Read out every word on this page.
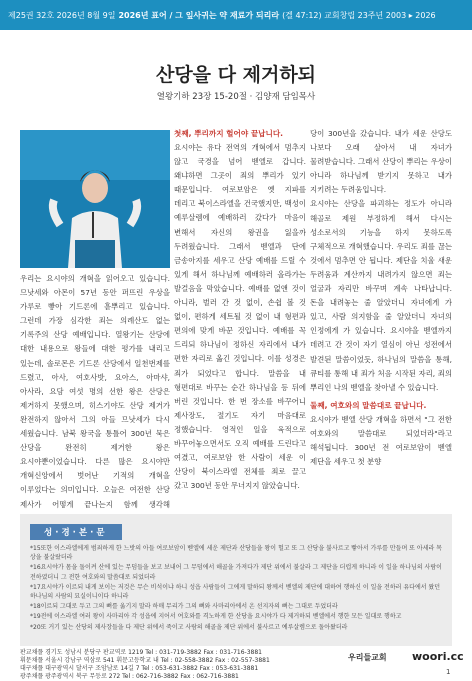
제25권 32호 2026년 8월 9일 2026년 표어 / 그 잎사귀는 약 재료가 되리라 (겔 47:12) 교회창립 23주년 2003 ▸ 2026
산당을 다 제거하되
열왕기하 23장 15-20절 · 김양재 담임목사

우리는 요시야의 개혁을 읽어오고 있습니다. 므낫세와 아몬이 57년 동안 퍼뜨린 우상을 가루로 빻아 기드론에 흩뿌리고 있습니다. 그런데 가장 심각한 죄는 의례산도 없는 기록주의 산당 예배입니다. 열왕기는 산당에 대한 내용으로 왕들에 대한 평가를 내리고 있는데, 솔로몬은 기드론 산당에서 일천번제를 드렸고, 아사, 여호사밧, 요아스, 아마샤, 아사라, 요담 여섯 명의 선한 왕은 산당은 제거하지 못했으며, 히스기야도 산당 제거가 완전하지 않아서 그의 아들 므낫세가 다시 세웠습니다. 남북 왕국을 통틀어 300년 묵은 산당을 완전히 제거한 왕은 요시야뿐이었습니다. 다른 많은 요시야만 개혁신앙에서 벗어난 기적의 개혁을 이루었다는 의미입니다. 오늘은 여전한 산당 제사가 어떻게 끝나는지 함께 생각해

첫째, 뿌리까지 헐어야 끝납니다.

요시야는 유다 전역의 개혁에서 멈추지 않고 국경을 넘어 벧엘로 갑니다. 왜냐하면 그곳이 죄의 뿌리가 있기 때문입니다. 여로보암은 옛 지파를 데리고 북이스라엘을 건국했지만, 백성이 예루살렘에 예배하러 갔다가 마음이 변해서 자신의 왕권을 잃을까 두려웠습니다. 그래서 벧엘과 단에 금송아지를 세우고 산당 예배를 드릴 수 있게 해서 하나님께 예배하러 올라가는 발걸음을 막았습니다. 예배를 없앤 것이 아니라, 벌러 간 것 없이, 손쉽 볼 것 없이, 편하게 세트될 것 없이 내 형편과 편의에 맞게 바꾼 것입니다. 예배를 꼭 드리되 하나님이 정하신 자리에서 내가 편한 자리로 옮긴 것입니다. 이를 성경은 죄가 되었다고 합니다. 말씀을 내 형편대로 바꾸는 순간 하나님을 등 뒤에 버린 것입니다. 한 번 장소를 바꾸어니 제사장도, 절기도 자기 마음대로 정했습니다. 영적인 일을 육적으로 바꾸어놓으면서도 오직 예배를 드린다고 여겼고, 여로보암 한 사람이 세운 이 산당이 북이스라엘 전체를 죄로 끌고 갔고 300년 동안 무너지지 않았습니다.

당이 300년을 갔습니다. 내가 세운 산당도 나보다 오래 살아서 내 자녀가 물려받습니다. 그래서 산당이 뿌리는 우상이 아니라 하나님께 받기지 못하고 내가 지키려는 두려움입니다.

요시야는 산당을 파괴하는 정도가 아니라 해골로 제원 부정하게 해서 다시는 성소로서의 기능을 하지 못하도록 구체적으로 개혁했습니다. 우리도 죄를 끊는 것에서 멈추면 안 됩니다. 제단을 치울 새운 두려움과 계산까지 내려가지 않으면 죄는 얼굴과 자리만 바꾸며 계속 나타납니다. 돈을 내려놓는 줄 알았더니 자녀에게 가 있고, 사람 의지함을 줄 알았더니 자녀의 인정에게 가 있습니다. 요시야을 벧엘까지 데려고 간 것이 자기 열심이 아닌 성전에서 발견된 말씀이었듯, 하나님의 말씀을 통해, 큐티를 통해 내 죄가 처음 시작된 자리, 죄의 뿌리인 나의 벧엘을 찾아낼 수 있습니다.

둘째, 여호와의 말씀대로 끝납니다.

요시야가 벧엘 산당 개혁을 하면서 "그 전한 여호와의 말씀대로 되었더라"라고 해석됩니다. 300년 전 여로보암이 벧엘 제단을 세우고 첫 분향

성·경·본·문
*15또한 이스라엘에게 범죄하게 한 느밧의 아들 여로보암이 벧엘에 세운 제단과 산당들을 왕이 헐고 또 그 산당을 불사르고 빻아서 가루를 만들며 또 아세라 목상을 불살랐더라
*16요시야가 몸을 돌이켜 산에 있는 무덤들을 보고 보내어 그 무덤에서 해골을 가져다가 제단 위에서 불살라 그 제단을 더럽게 하니라 이 일을 하나님의 사람이 전하였더니 그 전한 여호와의 말씀대로 되었더라
*17요시야가 이르되 내게 보이는 저것은 무슨 비석이냐 하니 성읍 사람들이 그에게 말하되 왕께서 벧엘의 제단에 대하여 행하신 이 일을 전하러 유다에서 왔던 하나님의 사람의 묘실이니이다 하니라
*18이르되 그대로 두고 그의 뼈를 옮기지 말라 하매 무리가 그의 뼈와 사마리아에서 온 선지자의 뼈는 그대로 두었더라
*19전에 이스라엘 여러 왕이 사마리아 각 성읍에 지어서 여호와를 격노하게 한 산당을 요시야가 다 제거하되 벧엘에서 행한 모든 일대로 행하고
*20또 거기 있는 산당의 제사장들을 다 제단 위에서 죽이고 사람의 해골을 제단 위에서 불사르고 예루살렘으로 돌아왔더라
판교채플 경기도 성남시 분당구 판교역로 1219 Tel : 031-719-3882 Fax : 031-716-3881
휘문채플 서울시 강남구 역삼로 541 휘문고등학교 내 Tel : 02-558-3882 Fax : 02-557-3881
대구채플 대구광역시 달서구 조암남로 14길 7 Tel : 053-631-3882 Fax : 053-631-3881
광주채플 광주광역시 북구 무등로 272 Tel : 062-716-3882 Fax : 062-716-3881
우리들교회 woori.cc
1
